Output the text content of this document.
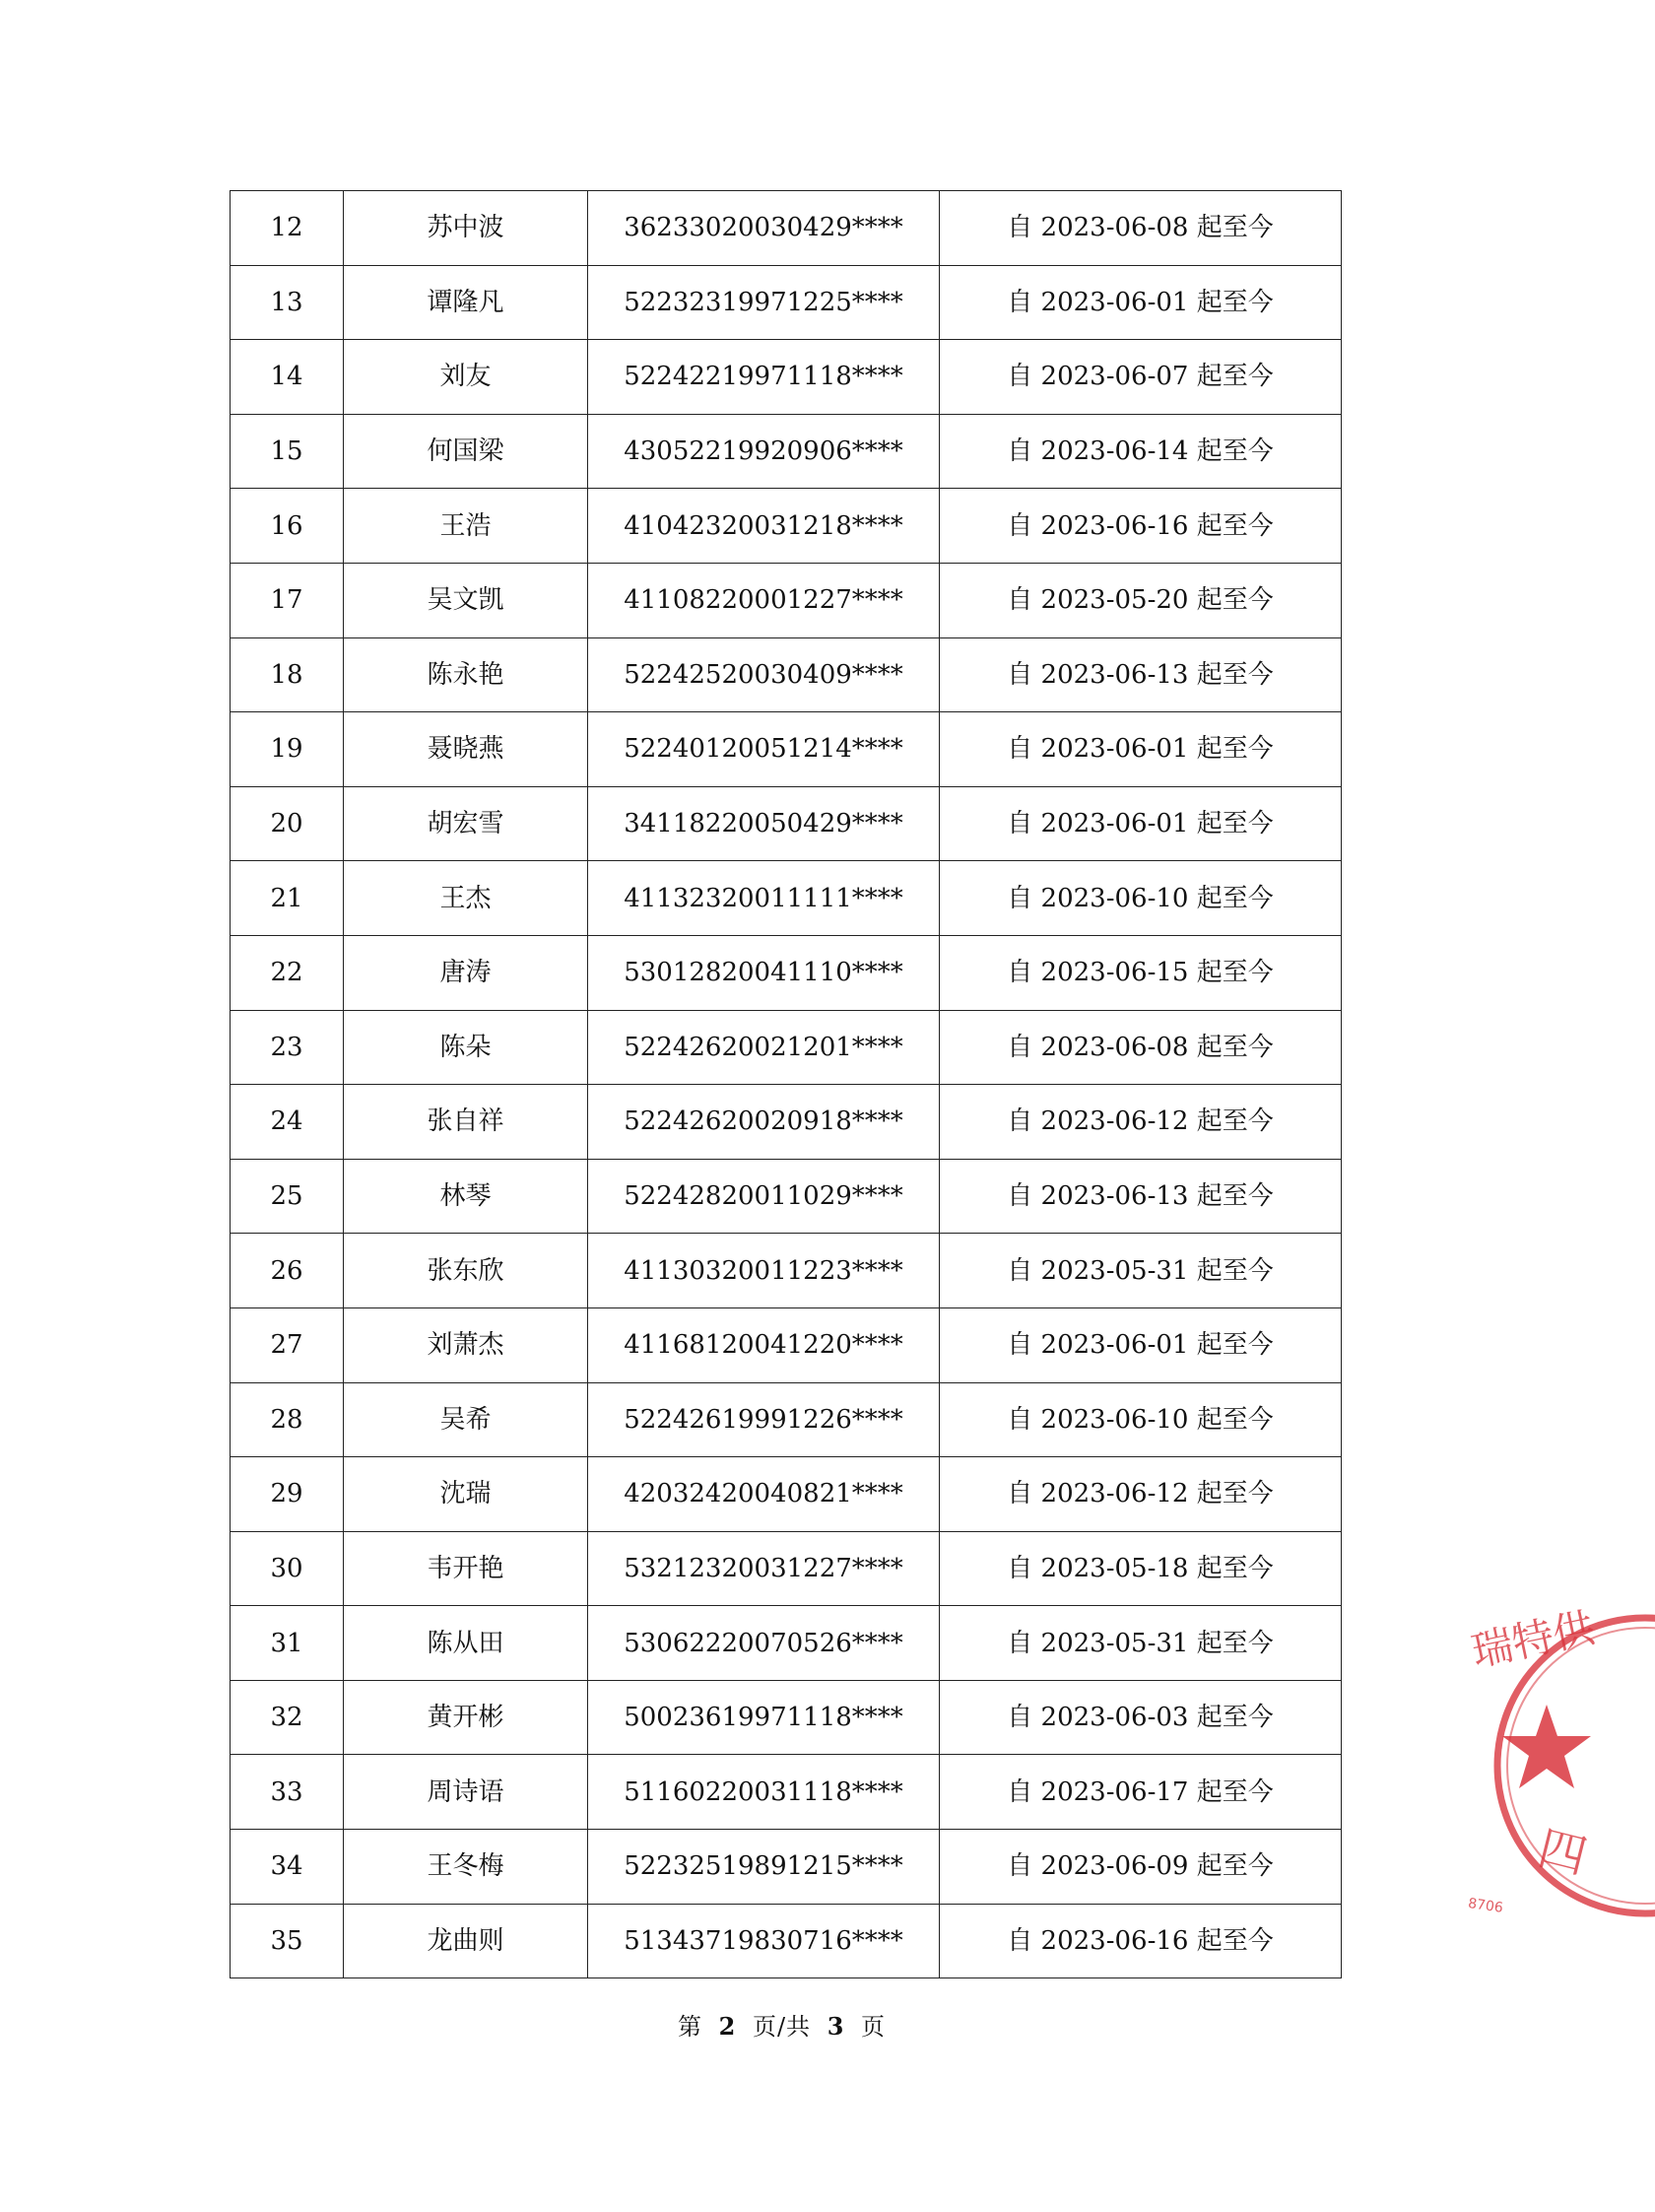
12	苏中波	36233020030429****	自 2023-06-08 起至今
13	谭隆凡	52232319971225****	自 2023-06-01 起至今
14	刘友	52242219971118****	自 2023-06-07 起至今
15	何国梁	43052219920906****	自 2023-06-14 起至今
16	王浩	41042320031218****	自 2023-06-16 起至今
17	吴文凯	41108220001227****	自 2023-05-20 起至今
18	陈永艳	52242520030409****	自 2023-06-13 起至今
19	聂晓燕	52240120051214****	自 2023-06-01 起至今
20	胡宏雪	34118220050429****	自 2023-06-01 起至今
21	王杰	41132320011111****	自 2023-06-10 起至今
22	唐涛	53012820041110****	自 2023-06-15 起至今
23	陈朵	52242620021201****	自 2023-06-08 起至今
24	张自祥	52242620020918****	自 2023-06-12 起至今
25	林琴	52242820011029****	自 2023-06-13 起至今
26	张东欣	41130320011223****	自 2023-05-31 起至今
27	刘萧杰	41168120041220****	自 2023-06-01 起至今
28	吴希	52242619991226****	自 2023-06-10 起至今
29	沈瑞	42032420040821****	自 2023-06-12 起至今
30	韦开艳	53212320031227****	自 2023-05-18 起至今
31	陈从田	53062220070526****	自 2023-05-31 起至今
32	黄开彬	50023619971118****	自 2023-06-03 起至今
33	周诗语	51160220031118****	自 2023-06-17 起至今
34	王冬梅	52232519891215****	自 2023-06-09 起至今
35	龙曲则	51343719830716****	自 2023-06-16 起至今
第 2 页/共 3 页
瑞特供
四
8706
